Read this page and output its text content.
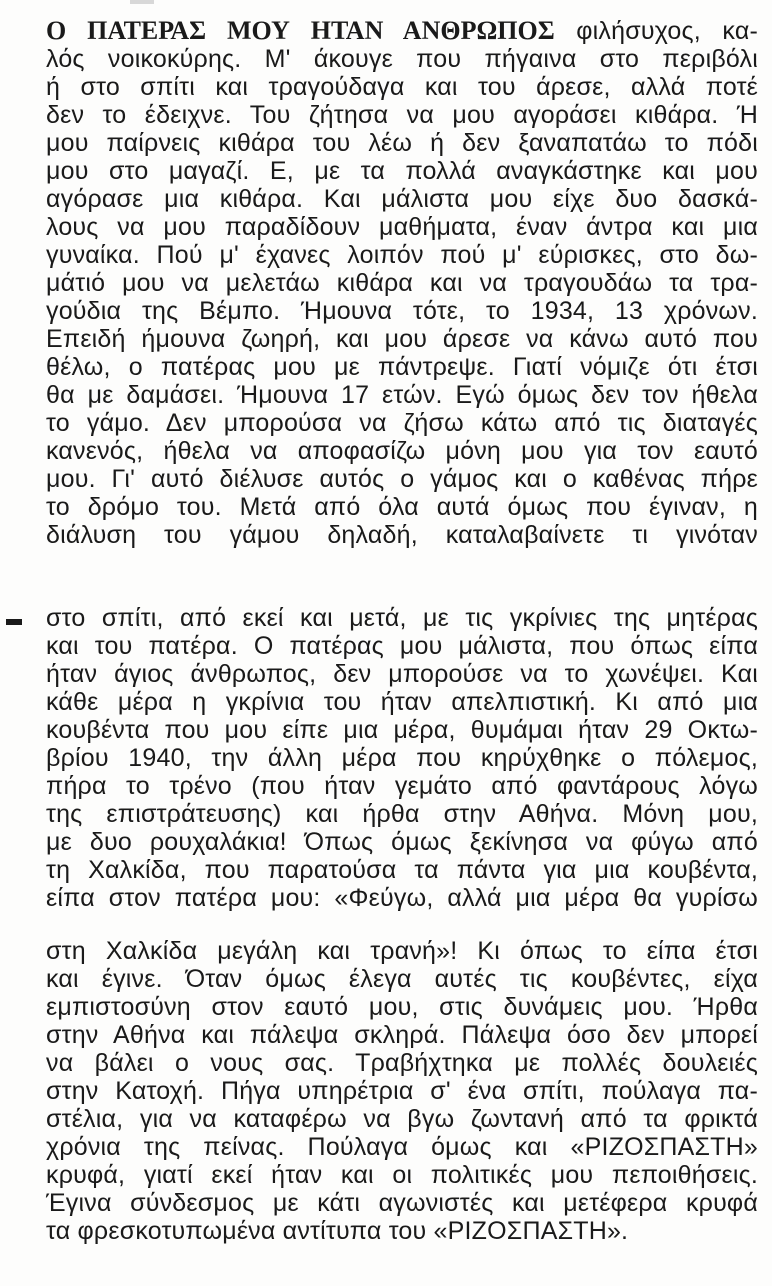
Ο ΠΑΤΕΡΑΣ ΜΟΥ ΗΤΑΝ ΑΝΘΡΩΠΟΣ φιλήσυχος, κα-
λός νοικοκύρης. Μ' άκουγε που πήγαινα στο περιβόλι
ή στο σπίτι και τραγούδαγα και του άρεσε, αλλά ποτέ
δεν το έδειχνε. Του ζήτησα να μου αγοράσει κιθάρα. Ή
μου παίρνεις κιθάρα του λέω ή δεν ξαναπατάω το πόδι
μου στο μαγαζί. Ε, με τα πολλά αναγκάστηκε και μου
αγόρασε μια κιθάρα. Και μάλιστα μου είχε δυο δασκά-
λους να μου παραδίδουν μαθήματα, έναν άντρα και μια
γυναίκα. Πού μ' έχανες λοιπόν πού μ' εύρισκες, στο δω-
μάτιό μου να μελετάω κιθάρα και να τραγουδάω τα τρα-
γούδια της Βέμπο. Ήμουνα τότε, το 1934, 13 χρόνων.
Επειδή ήμουνα ζωηρή, και μου άρεσε να κάνω αυτό που
θέλω, ο πατέρας μου με πάντρεψε. Γιατί νόμιζε ότι έτσι
θα με δαμάσει. Ήμουνα 17 ετών. Εγώ όμως δεν τον ήθελα
το γάμο. Δεν μπορούσα να ζήσω κάτω από τις διαταγές
κανενός, ήθελα να αποφασίζω μόνη μου για τον εαυτό
μου. Γι' αυτό διέλυσε αυτός ο γάμος και ο καθένας πήρε
το δρόμο του. Μετά από όλα αυτά όμως που έγιναν, η
διάλυση του γάμου δηλαδή, καταλαβαίνετε τι γινόταν
στο σπίτι, από εκεί και μετά, με τις γκρίνιες της μητέρας
και του πατέρα. Ο πατέρας μου μάλιστα, που όπως είπα
ήταν άγιος άνθρωπος, δεν μπορούσε να το χωνέψει. Και
κάθε μέρα η γκρίνια του ήταν απελπιστική. Κι από μια
κουβέντα που μου είπε μια μέρα, θυμάμαι ήταν 29 Οκτω-
βρίου 1940, την άλλη μέρα που κηρύχθηκε ο πόλεμος,
πήρα το τρένο (που ήταν γεμάτο από φαντάρους λόγω
της επιστράτευσης) και ήρθα στην Αθήνα. Μόνη μου,
με δυο ρουχαλάκια! Όπως όμως ξεκίνησα να φύγω από
τη Χαλκίδα, που παρατούσα τα πάντα για μια κουβέντα,
είπα στον πατέρα μου: «Φεύγω, αλλά μια μέρα θα γυρίσω
στη Χαλκίδα μεγάλη και τρανή»! Κι όπως το είπα έτσι
και έγινε. Όταν όμως έλεγα αυτές τις κουβέντες, είχα
εμπιστοσύνη στον εαυτό μου, στις δυνάμεις μου. Ήρθα
στην Αθήνα και πάλεψα σκληρά. Πάλεψα όσο δεν μπορεί
να βάλει ο νους σας. Τραβήχτηκα με πολλές δουλειές
στην Κατοχή. Πήγα υπηρέτρια σ' ένα σπίτι, πούλαγα πα-
στέλια, για να καταφέρω να βγω ζωντανή από τα φρικτά
χρόνια της πείνας. Πούλαγα όμως και «ΡΙΖΟΣΠΑΣΤΗ»
κρυφά, γιατί εκεί ήταν και οι πολιτικές μου πεποιθήσεις.
Έγινα σύνδεσμος με κάτι αγωνιστές και μετέφερα κρυφά
τα φρεσκοτυπωμένα αντίτυπα του «ΡΙΖΟΣΠΑΣΤΗ».
